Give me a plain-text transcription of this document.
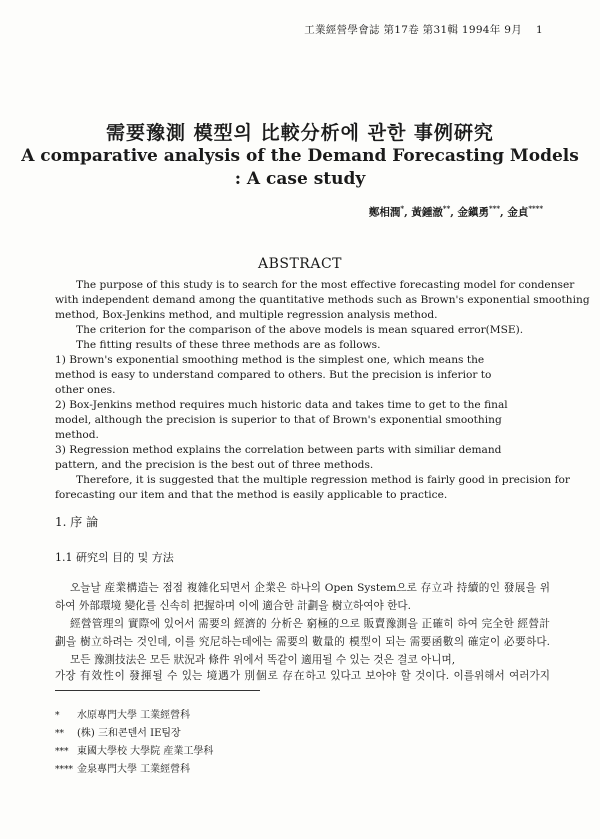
工業經營學會誌 第17卷 第31輯 1994年 9月 1
需要豫測 模型의 比較分析에 관한 事例硏究
A comparative analysis of the Demand Forecasting Models
: A case study
鄭相潤*, 黃鍾澈**, 金鎭勇***, 金貞****
ABSTRACT
The purpose of this study is to search for the most effective forecasting model for condenser
with independent demand among the quantitative methods such as Brown's exponential smoothing
method, Box-Jenkins method, and multiple regression analysis method.
The criterion for the comparison of the above models is mean squared error(MSE).
The fitting results of these three methods are as follows.
1) Brown's exponential smoothing method is the simplest one, which means the
method is easy to understand compared to others. But the precision is inferior to
other ones.
2) Box-Jenkins method requires much historic data and takes time to get to the final
model, although the precision is superior to that of Brown's exponential smoothing
method.
3) Regression method explains the correlation between parts with similiar demand
pattern, and the precision is the best out of three methods.
Therefore, it is suggested that the multiple regression method is fairly good in precision for
forecasting our item and that the method is easily applicable to practice.
1. 序 論
1.1 硏究의 目的 및 方法
오늘날 産業構造는 점점 複雜化되면서 企業은 하나의 Open System으로 存立과 持續的인 發展을 위
하여 外部環境 變化를 신속히 把握하며 이에 適合한 計劃을 樹立하여야 한다.
經營管理의 實際에 있어서 需要의 經濟的 分析은 窮極的으로 販賣豫測을 正確히 하여 完全한 經營計
劃을 樹立하려는 것인데, 이를 究尼하는데에는 需要의 數量的 模型이 되는 需要函數의 確定이 必要하다.
모든 豫測技法은 모든 狀況과 條件 위에서 똑같이 適用될 수 있는 것은 결코 아니며,
가장 有效性이 發揮될 수 있는 境遇가 別個로 存在하고 있다고 보아야 할 것이다. 이를위해서 여러가지
* 水原專門大學 工業經營科
** (株) 三和콘덴서 IE팀장
*** 東國大學校 大學院 産業工學科
**** 金泉專門大學 工業經營科
